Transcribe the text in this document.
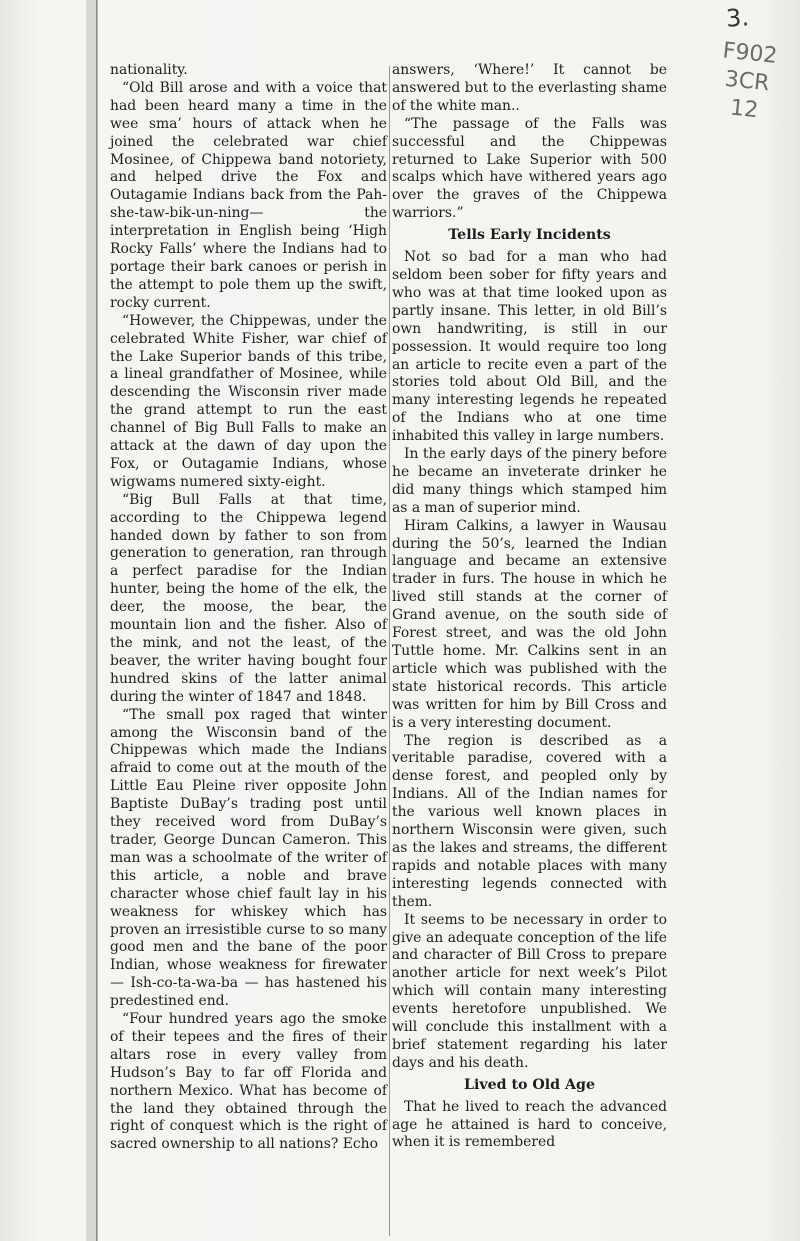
3.
F902
3CR
12

nationality.

“Old Bill arose and with a voice that had been heard many a time in the wee sma’ hours of attack when he joined the celebrated war chief Mosinee, of Chippewa band notoriety, and helped drive the Fox and Outagamie Indians back from the Pah-she-taw-bik-un-ning— the interpretation in English being ‘High Rocky Falls’ where the Indians had to portage their bark canoes or perish in the attempt to pole them up the swift, rocky current.

“However, the Chippewas, under the celebrated White Fisher, war chief of the Lake Superior bands of this tribe, a lineal grandfather of Mosinee, while descending the Wisconsin river made the grand attempt to run the east channel of Big Bull Falls to make an attack at the dawn of day upon the Fox, or Outagamie Indians, whose wigwams numered sixty-eight.

“Big Bull Falls at that time, according to the Chippewa legend handed down by father to son from generation to generation, ran through a perfect paradise for the Indian hunter, being the home of the elk, the deer, the moose, the bear, the mountain lion and the fisher. Also of the mink, and not the least, of the beaver, the writer having bought four hundred skins of the latter animal during the winter of 1847 and 1848.

“The small pox raged that winter among the Wisconsin band of the Chippewas which made the Indians afraid to come out at the mouth of the Little Eau Pleine river opposite John Baptiste DuBay’s trading post until they received word from DuBay’s trader, George Duncan Cameron. This man was a schoolmate of the writer of this article, a noble and brave character whose chief fault lay in his weakness for whiskey which has proven an irresistible curse to so many good men and the bane of the poor Indian, whose weakness for firewater— Ish-co-ta-wa-ba — has hastened his predestined end.

“Four hundred years ago the smoke of their tepees and the fires of their altars rose in every valley from Hudson’s Bay to far off Florida and northern Mexico. What has become of the land they obtained through the right of conquest which is the right of sacred ownership to all nations? Echo

answers, ‘Where!’ It cannot be answered but to the everlasting shame of the white man..

“The passage of the Falls was successful and the Chippewas returned to Lake Superior with 500 scalps which have withered years ago over the graves of the Chippewa warriors.”

Tells Early Incidents

Not so bad for a man who had seldom been sober for fifty years and who was at that time looked upon as partly insane. This letter, in old Bill’s own handwriting, is still in our possession. It would require too long an article to recite even a part of the stories told about Old Bill, and the many interesting legends he repeated of the Indians who at one time inhabited this valley in large numbers.

In the early days of the pinery before he became an inveterate drinker he did many things which stamped him as a man of superior mind.

Hiram Calkins, a lawyer in Wausau during the 50’s, learned the Indian language and became an extensive trader in furs. The house in which he lived still stands at the corner of Grand avenue, on the south side of Forest street, and was the old John Tuttle home. Mr. Calkins sent in an article which was published with the state historical records. This article was written for him by Bill Cross and is a very interesting document.

The region is described as a veritable paradise, covered with a dense forest, and peopled only by Indians. All of the Indian names for the various well known places in northern Wisconsin were given, such as the lakes and streams, the different rapids and notable places with many interesting legends connected with them.

It seems to be necessary in order to give an adequate conception of the life and character of Bill Cross to prepare another article for next week’s Pilot which will contain many interesting events heretofore unpublished. We will conclude this installment with a brief statement regarding his later days and his death.

Lived to Old Age

That he lived to reach the advanced age he attained is hard to conceive, when it is remembered
